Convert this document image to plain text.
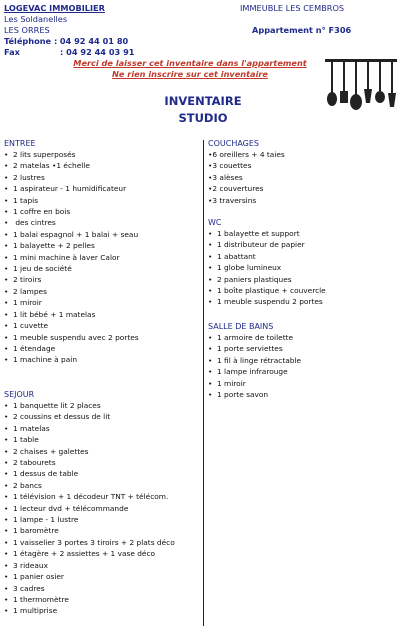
LOGEVAC IMMOBILIER
Les Soldanelles
LES ORRES
Téléphone : 04 92 44 01 80
Fax	: 04 92 44 03 91
IMMEUBLE LES CEMBROS
Appartement n° F306
Merci de laisser cet inventaire dans l'appartement
Ne rien inscrire sur cet inventaire
INVENTAIRE
STUDIO
ENTREE
• 2 lits superposés
• 2 matelas •1 échelle
• 2 lustres
• 1 aspirateur - 1 humidificateur
• 1 tapis
• 1 coffre en bois
• des cintres
• 1 balai espagnol + 1 balai + seau
• 1 balayette + 2 pelles
• 1 mini machine à laver Calor
• 1 jeu de société
• 2 tiroirs
• 2 lampes
• 1 miroir
• 1 lit bébé + 1 matelas
• 1 cuvette
• 1 meuble suspendu avec 2 portes
• 1 étendage
• 1 machine à pain
SEJOUR
• 1 banquette lit 2 places
• 2 coussins et dessus de lit
• 1 matelas
• 1 table
• 2 chaises + galettes
• 2 tabourets
• 1 dessus de table
• 2 bancs
• 1 télévision + 1 décodeur TNT + télécom.
• 1 lecteur dvd + télécommande
• 1 lampe - 1 lustre
• 1 baromètre
• 1 vaisselier 3 portes 3 tiroirs + 2 plats déco
• 1 étagère + 2 assiettes + 1 vase déco
• 3 rideaux
• 1 panier osier
• 3 cadres
• 1 thermomètre
• 1 multiprise
COUCHAGES
•6 oreillers + 4 taies
•3 couettes
•3 alèses
•2 couvertures
•3 traversins
WC
• 1 balayette et support
• 1 distributeur de papier
• 1 abattant
• 1 globe lumineux
• 2 paniers plastiques
• 1 boîte plastique + couvercle
• 1 meuble suspendu 2 portes
SALLE DE BAINS
• 1 armoire de toilette
• 1 porte serviettes
• 1 fil à linge rétractable
• 1 lampe infrarouge
• 1 miroir
• 1 porte savon
